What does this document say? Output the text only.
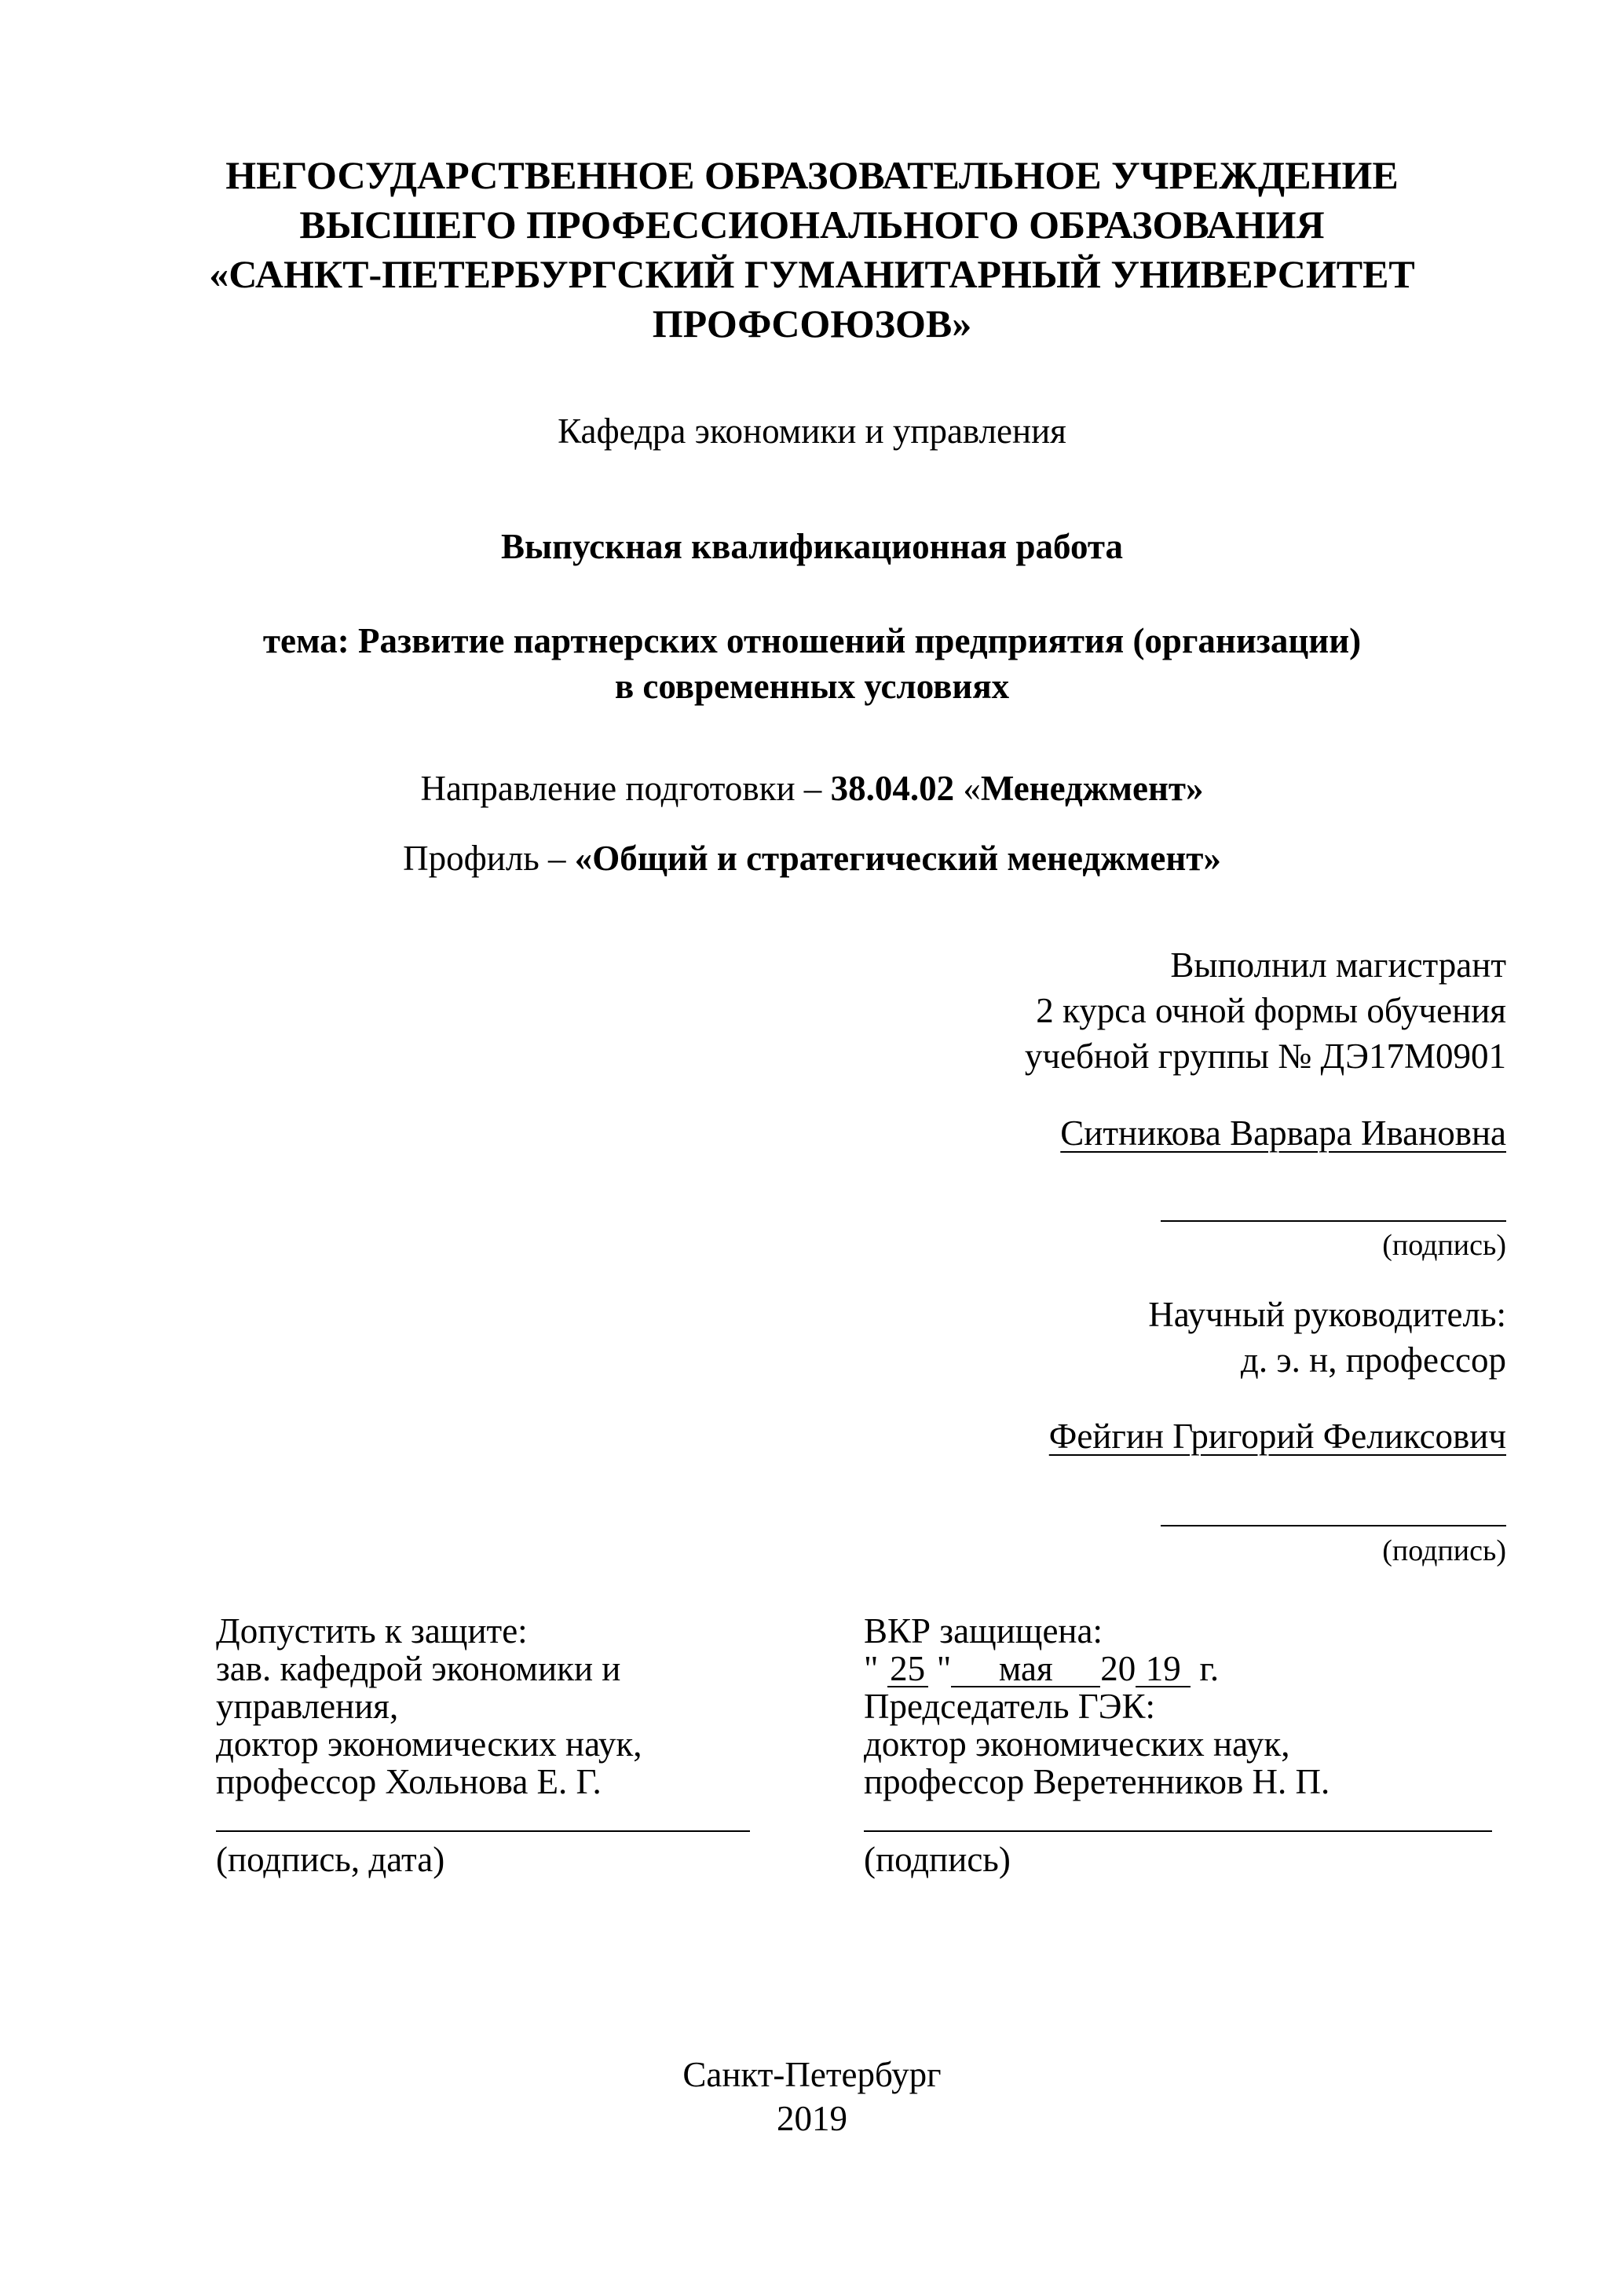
НЕГОСУДАРСТВЕННОЕ ОБРАЗОВАТЕЛЬНОЕ УЧРЕЖДЕНИЕ
ВЫСШЕГО ПРОФЕССИОНАЛЬНОГО ОБРАЗОВАНИЯ
«САНКТ-ПЕТЕРБУРГСКИЙ ГУМАНИТАРНЫЙ УНИВЕРСИТЕТ
ПРОФСОЮЗОВ»
Кафедра экономики и управления
Выпускная квалификационная работа
тема: Развитие партнерских отношений предприятия (организации)
в современных условиях
Направление подготовки – 38.04.02 «Менеджмент»
Профиль – «Общий и стратегический менеджмент»
Выполнил магистрант
2 курса очной формы обучения
учебной группы № ДЭ17М0901
Ситникова Варвара Ивановна
(подпись)
Научный руководитель:
д. э. н, профессор
Фейгин Григорий Феликсович
(подпись)
Допустить к защите:
зав. кафедрой экономики и
управления,
доктор экономических наук,
профессор Хольнова Е. Г.
(подпись, дата)
ВКР защищена:
" 25 " мая 20 19 г.
Председатель ГЭК:
доктор экономических наук,
профессор Веретенников Н. П.
(подпись)
Санкт-Петербург
2019
